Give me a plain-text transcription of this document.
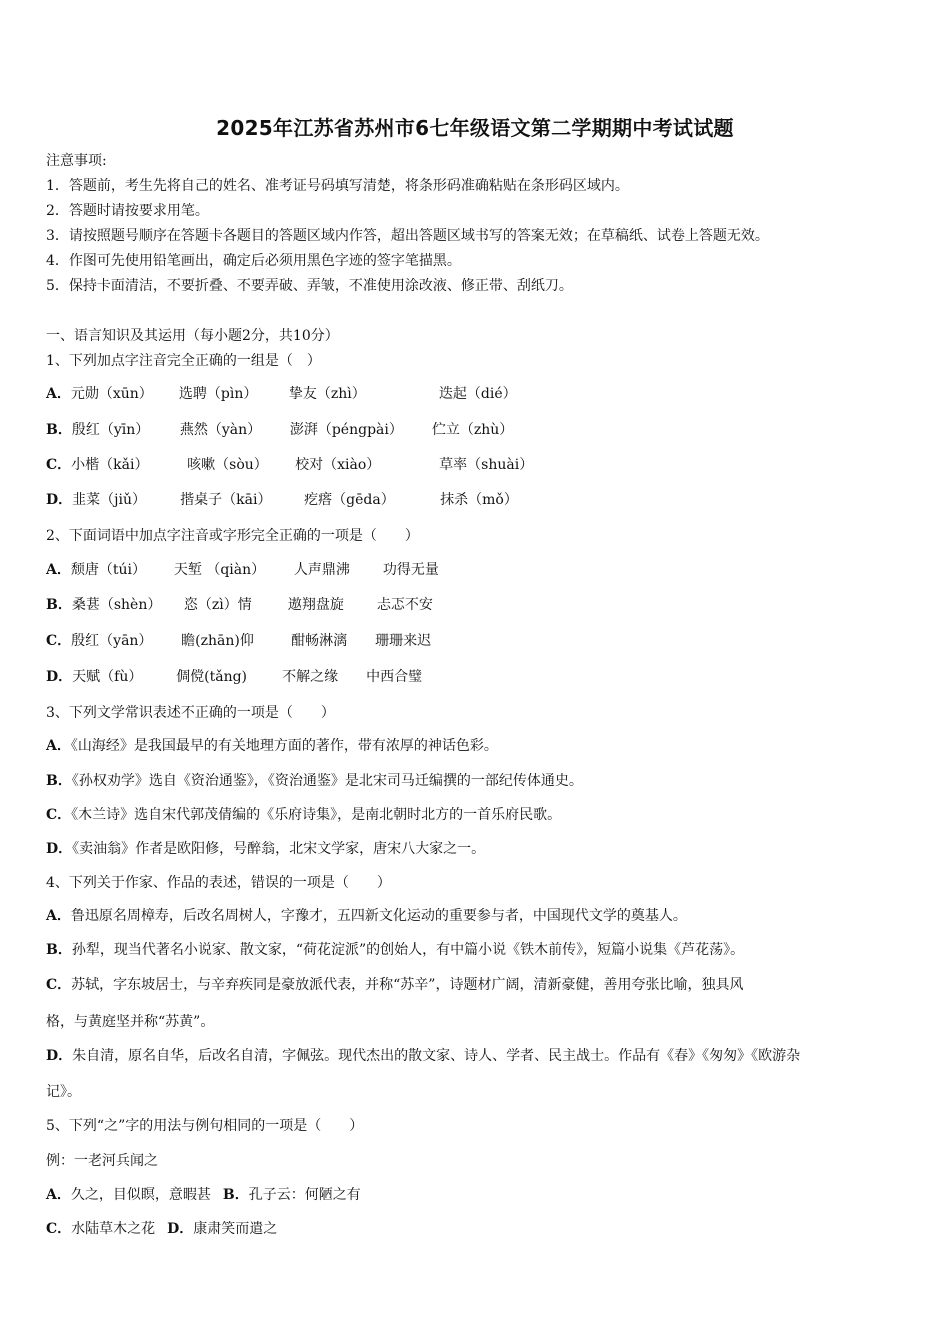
2025年江苏省苏州市6七年级语文第二学期期中考试试题
注意事项:
1．答题前，考生先将自己的姓名、准考证号码填写清楚，将条形码准确粘贴在条形码区域内。
2．答题时请按要求用笔。
3．请按照题号顺序在答题卡各题目的答题区域内作答，超出答题区域书写的答案无效；在草稿纸、试卷上答题无效。
4．作图可先使用铅笔画出，确定后必须用黑色字迹的签字笔描黑。
5．保持卡面清洁，不要折叠、不要弄破、弄皱，不准使用涂改液、修正带、刮纸刀。
一、语言知识及其运用（每小题2分，共10分）
1、下列加点字注音完全正确的一组是（　）
A．元勋（xūn） 选聘（pìn） 挚友（zhì）	迭起（dié）
B．殷红（yīn） 燕然（yàn） 澎湃（péngpài） 伫立（zhù）
C．小楷（kǎi）	咳嗽（sòu） 校对（xiào）	草率（shuài）
D．韭菜（jiǔ） 揩桌子（kāi） 疙瘩（gēda）	抹杀（mǒ）
2、下面词语中加点字注音或字形完全正确的一项是（　　）
A．颓唐（túi） 天堑 （qiàn） 人声鼎沸 功得无量
B．桑葚（shèn） 恣（zì）情	遨翔盘旋 忐忑不安
C．殷红（yān） 瞻(zhān)仰	酣畅淋漓 珊珊来迟
D．天赋（fù） 倜傥(tǎng)	不解之缘 中西合璧
3、下列文学常识表述不正确的一项是（　　）
A．《山海经》是我国最早的有关地理方面的著作，带有浓厚的神话色彩。
B．《孙权劝学》选自《资治通鉴》，《资治通鉴》是北宋司马迁编撰的一部纪传体通史。
C．《木兰诗》选自宋代郭茂倩编的《乐府诗集》，是南北朝时北方的一首乐府民歌。
D．《卖油翁》作者是欧阳修，号醉翁，北宋文学家，唐宋八大家之一。
4、下列关于作家、作品的表述，错误的一项是（　　）
A．鲁迅原名周樟寿，后改名周树人，字豫才，五四新文化运动的重要参与者，中国现代文学的奠基人。
B．孙犁，现当代著名小说家、散文家，“荷花淀派”的创始人，有中篇小说《铁木前传》，短篇小说集《芦花荡》。
C．苏轼，字东坡居士，与辛弃疾同是豪放派代表，并称“苏辛”，诗题材广阔，清新豪健，善用夸张比喻，独具风
格，与黄庭坚并称“苏黄”。
D．朱自清，原名自华，后改名自清，字佩弦。现代杰出的散文家、诗人、学者、民主战士。作品有《春》《匆匆》《欧游杂
记》。
5、下列“之”字的用法与例句相同的一项是（　　）
例：一老河兵闻之
A．久之，目似瞑，意暇甚 B．孔子云：何陋之有
C．水陆草木之花 D．康肃笑而遣之
